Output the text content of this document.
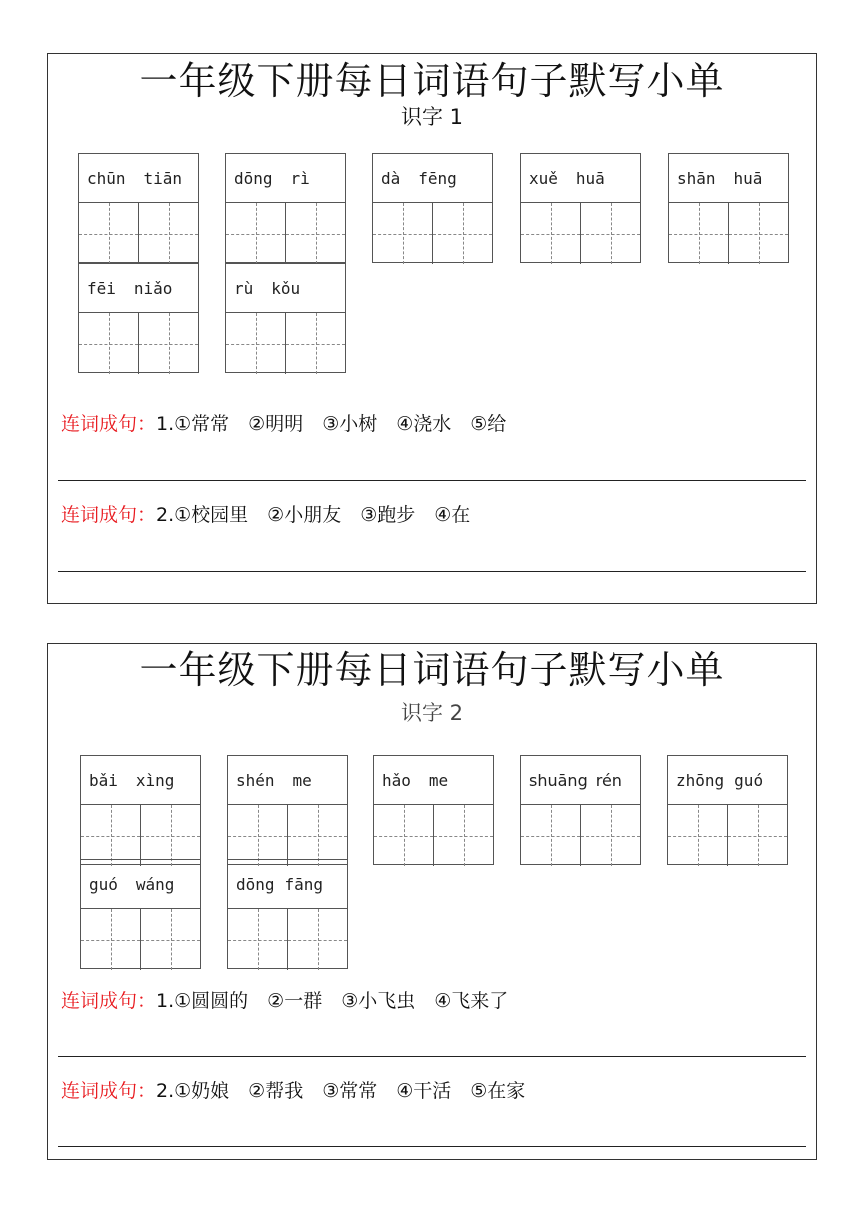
一年级下册每日词语句子默写小单
识字 1
chūn tiān	dōng rì	dà fēng	xuě huā	shān huā
fēi niǎo	rù kǒu
连词成句：1.①常常　②明明　③小树　④浇水　⑤给
连词成句：2.①校园里　②小朋友　③跑步　④在
一年级下册每日词语句子默写小单
识字 2
bǎi xìng	shén me	hǎo me	shuāng rén	zhōng guó
guó wáng	dōng fāng
连词成句：1.①圆圆的　②一群　③小飞虫　④飞来了
连词成句：2.①奶娘　②帮我　③常常　④干活　⑤在家
